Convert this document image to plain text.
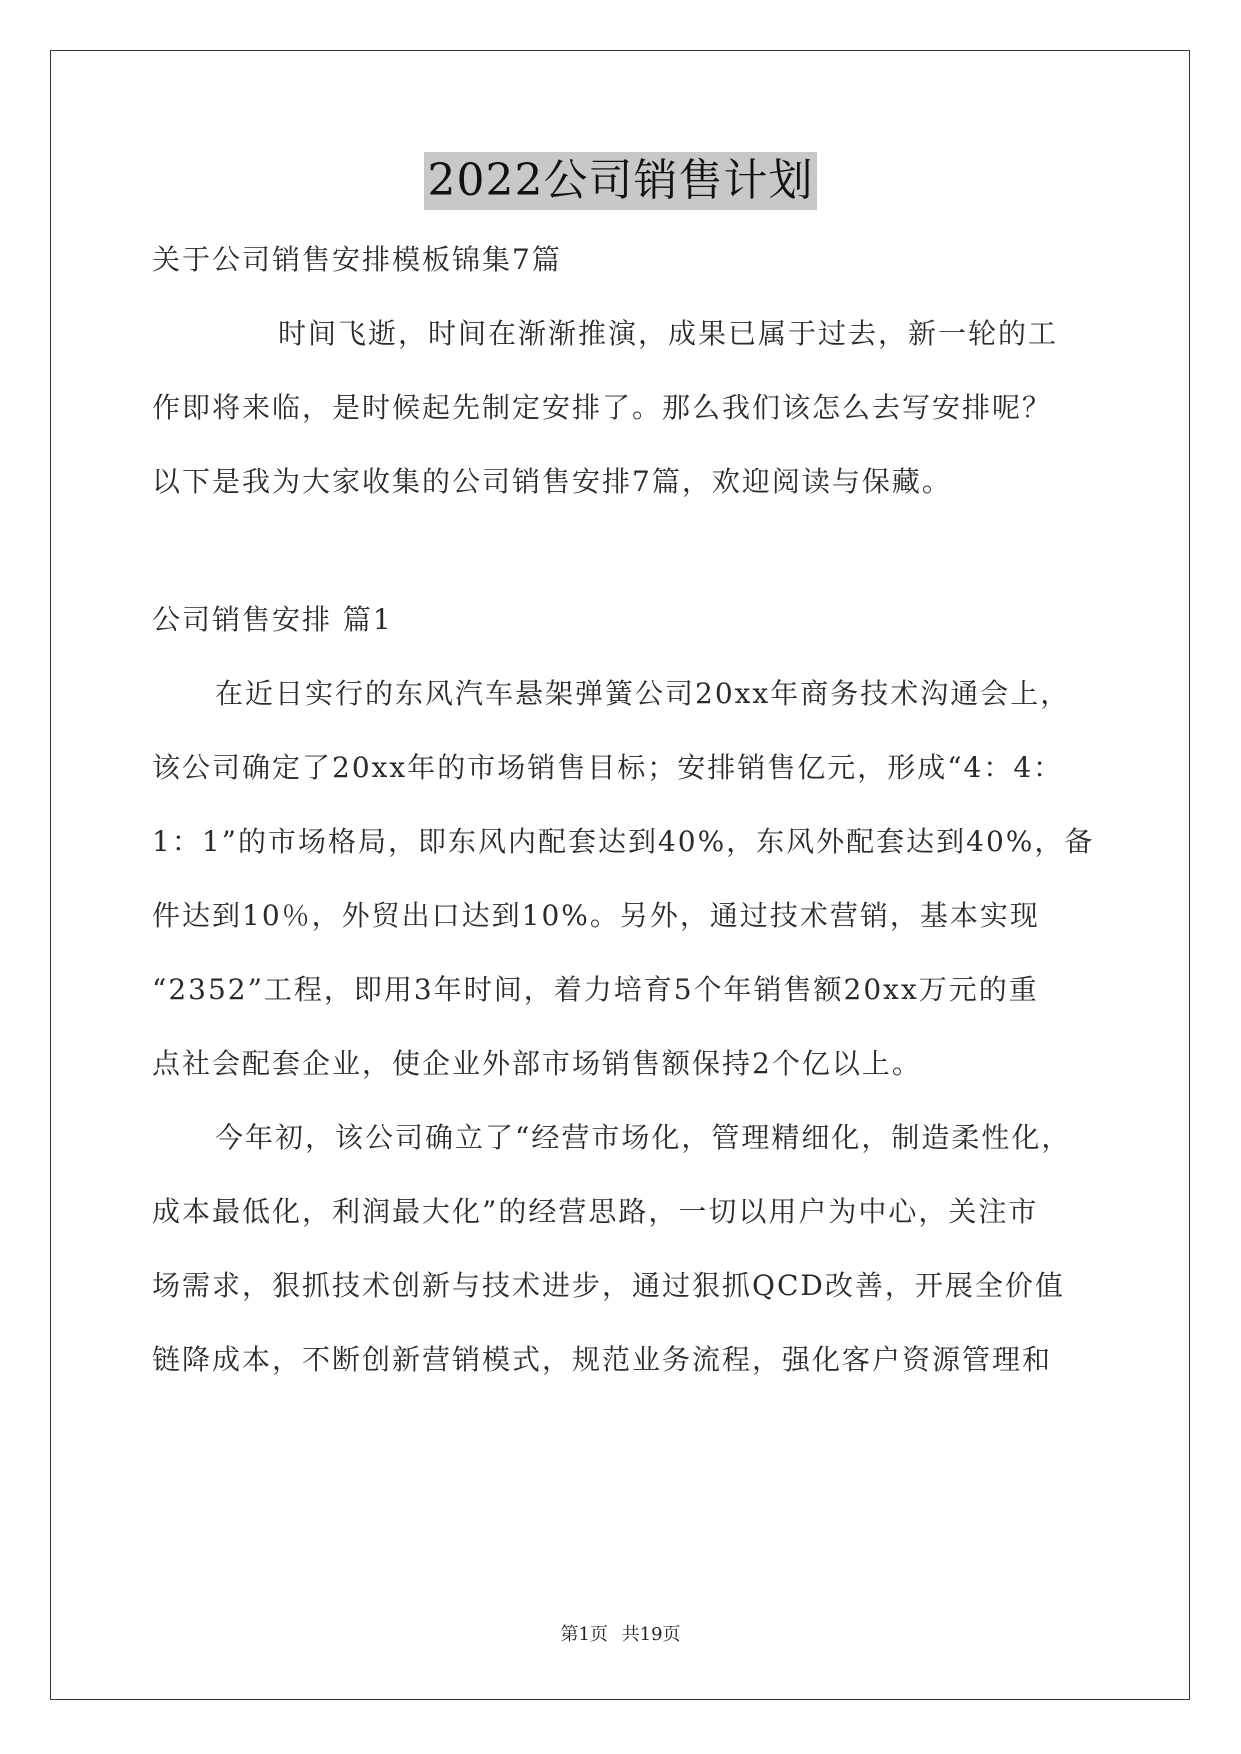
2022公司销售计划
关于公司销售安排模板锦集7篇
时间飞逝，时间在渐渐推演，成果已属于过去，新一轮的工
作即将来临，是时候起先制定安排了。那么我们该怎么去写安排呢？
以下是我为大家收集的公司销售安排7篇，欢迎阅读与保藏。
公司销售安排 篇1
在近日实行的东风汽车悬架弹簧公司20xx年商务技术沟通会上，
该公司确定了20xx年的市场销售目标；安排销售亿元，形成“4：4：
1：1”的市场格局，即东风内配套达到40%，东风外配套达到40%，备
件达到10％，外贸出口达到10%。另外，通过技术营销，基本实现
“2352”工程，即用3年时间，着力培育5个年销售额20xx万元的重
点社会配套企业，使企业外部市场销售额保持2个亿以上。
今年初，该公司确立了“经营市场化，管理精细化，制造柔性化，
成本最低化，利润最大化”的经营思路，一切以用户为中心，关注市
场需求，狠抓技术创新与技术进步，通过狠抓QCD改善，开展全价值
链降成本，不断创新营销模式，规范业务流程，强化客户资源管理和
第1页 共19页
